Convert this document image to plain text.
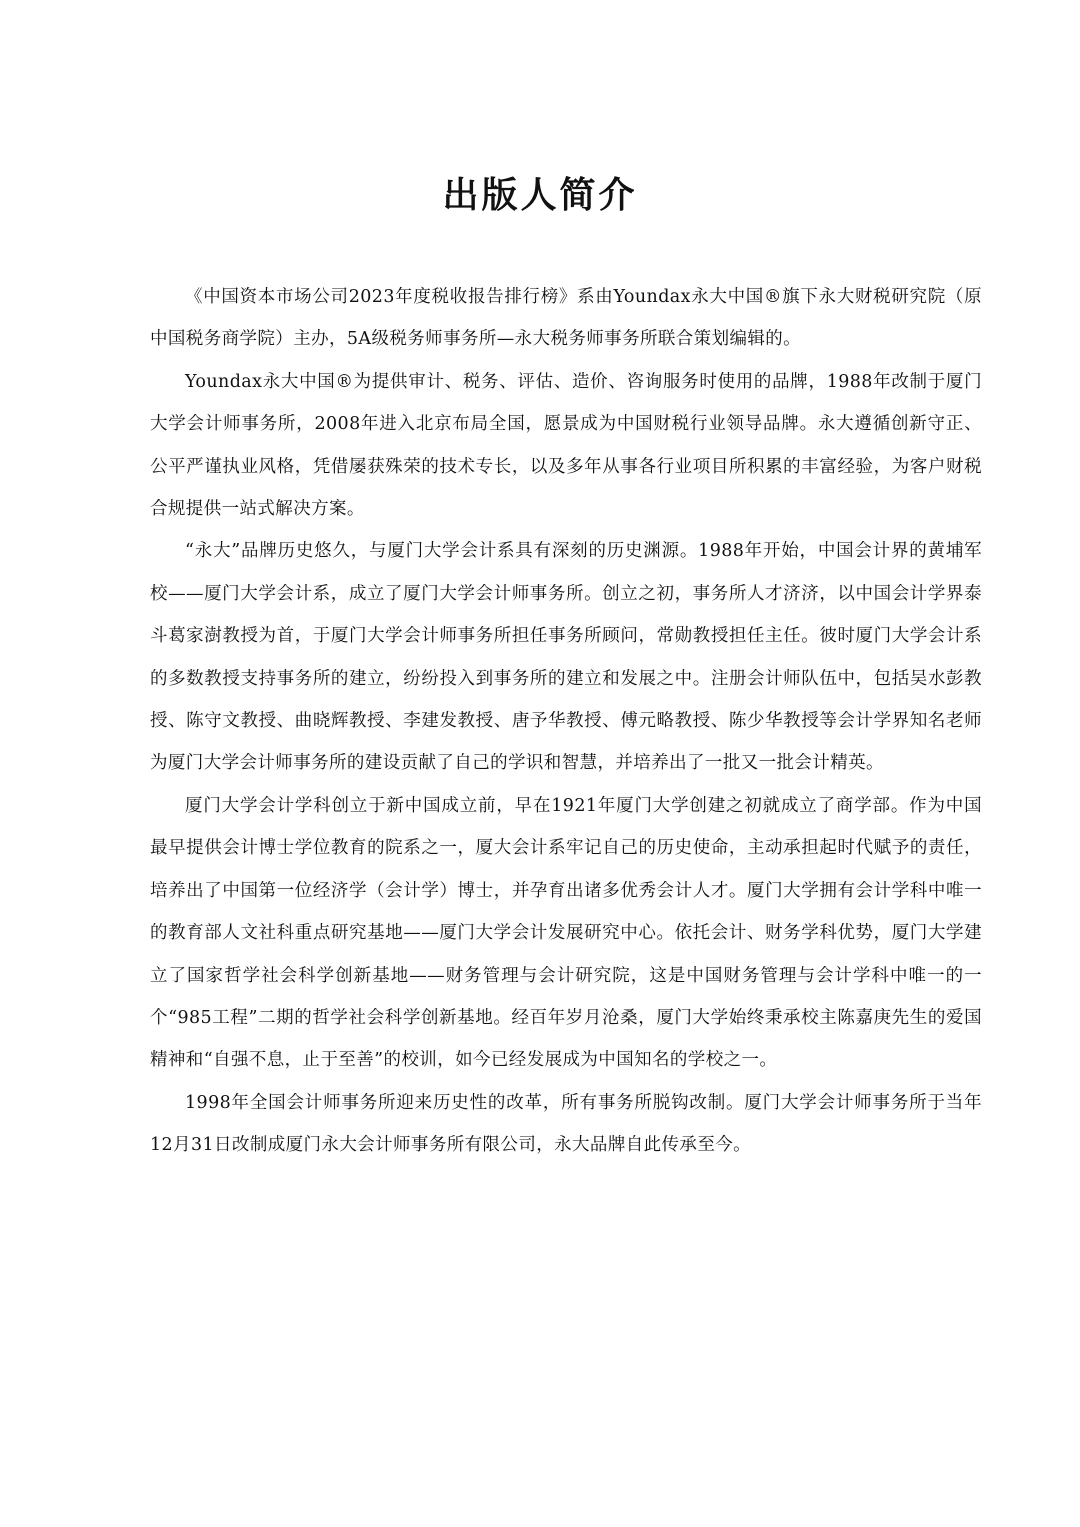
出版人简介

《中国资本市场公司2023年度税收报告排行榜》系由Youndax永大中国®旗下永大财税研究院（原中国税务商学院）主办，5A级税务师事务所—永大税务师事务所联合策划编辑的。

Youndax永大中国®为提供审计、税务、评估、造价、咨询服务时使用的品牌，1988年改制于厦门大学会计师事务所，2008年进入北京布局全国，愿景成为中国财税行业领导品牌。永大遵循创新守正、公平严谨执业风格，凭借屡获殊荣的技术专长，以及多年从事各行业项目所积累的丰富经验，为客户财税合规提供一站式解决方案。

“永大”品牌历史悠久，与厦门大学会计系具有深刻的历史渊源。1988年开始，中国会计界的黄埔军校——厦门大学会计系，成立了厦门大学会计师事务所。创立之初，事务所人才济济，以中国会计学界泰斗葛家澍教授为首，于厦门大学会计师事务所担任事务所顾问，常勋教授担任主任。彼时厦门大学会计系的多数教授支持事务所的建立，纷纷投入到事务所的建立和发展之中。注册会计师队伍中，包括吴水彭教授、陈守文教授、曲晓辉教授、李建发教授、唐予华教授、傅元略教授、陈少华教授等会计学界知名老师为厦门大学会计师事务所的建设贡献了自己的学识和智慧，并培养出了一批又一批会计精英。

厦门大学会计学科创立于新中国成立前，早在1921年厦门大学创建之初就成立了商学部。作为中国最早提供会计博士学位教育的院系之一，厦大会计系牢记自己的历史使命，主动承担起时代赋予的责任，培养出了中国第一位经济学（会计学）博士，并孕育出诸多优秀会计人才。厦门大学拥有会计学科中唯一的教育部人文社科重点研究基地——厦门大学会计发展研究中心。依托会计、财务学科优势，厦门大学建立了国家哲学社会科学创新基地——财务管理与会计研究院，这是中国财务管理与会计学科中唯一的一个“985工程”二期的哲学社会科学创新基地。经百年岁月沧桑，厦门大学始终秉承校主陈嘉庚先生的爱国精神和“自强不息，止于至善”的校训，如今已经发展成为中国知名的学校之一。

1998年全国会计师事务所迎来历史性的改革，所有事务所脱钩改制。厦门大学会计师事务所于当年12月31日改制成厦门永大会计师事务所有限公司，永大品牌自此传承至今。
